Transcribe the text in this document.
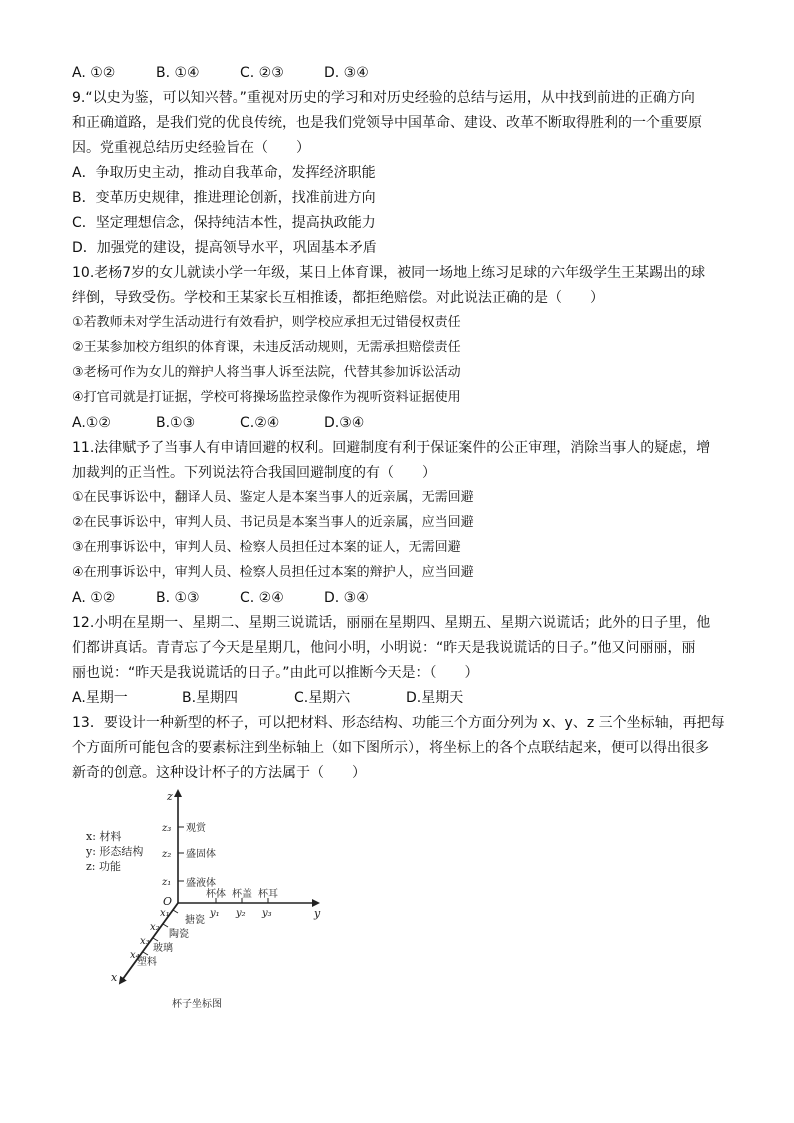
A. ①②	B. ①④	C. ②③	D. ③④
9.“以史为鉴，可以知兴替。”重视对历史的学习和对历史经验的总结与运用，从中找到前进的正确方向
和正确道路，是我们党的优良传统，也是我们党领导中国革命、建设、改革不断取得胜利的一个重要原
因。党重视总结历史经验旨在（　　）
A．争取历史主动，推动自我革命，发挥经济职能
B．变革历史规律，推进理论创新，找准前进方向
C．坚定理想信念，保持纯洁本性，提高执政能力
D．加强党的建设，提高领导水平，巩固基本矛盾
10.老杨7岁的女儿就读小学一年级，某日上体育课，被同一场地上练习足球的六年级学生王某踢出的球
绊倒，导致受伤。学校和王某家长互相推诿，都拒绝赔偿。对此说法正确的是（　　）
①若教师未对学生活动进行有效看护，则学校应承担无过错侵权责任
②王某参加校方组织的体育课，未违反活动规则，无需承担赔偿责任
③老杨可作为女儿的辩护人将当事人诉至法院，代替其参加诉讼活动
④打官司就是打证据，学校可将操场监控录像作为视听资料证据使用
A.①②	B.①③	C.②④	D.③④
11.法律赋予了当事人有申请回避的权利。回避制度有利于保证案件的公正审理，消除当事人的疑虑，增
加裁判的正当性。下列说法符合我国回避制度的有（　　）
①在民事诉讼中，翻译人员、鉴定人是本案当事人的近亲属，无需回避
②在民事诉讼中，审判人员、书记员是本案当事人的近亲属，应当回避
③在刑事诉讼中，审判人员、检察人员担任过本案的证人，无需回避
④在刑事诉讼中，审判人员、检察人员担任过本案的辩护人，应当回避
A. ①②	B. ①③	C. ②④	D. ③④
12.小明在星期一、星期二、星期三说谎话，丽丽在星期四、星期五、星期六说谎话；此外的日子里，他
们都讲真话。青青忘了今天是星期几，他问小明，小明说：“昨天是我说谎话的日子。”他又问丽丽，丽
丽也说：“昨天是我说谎话的日子。”由此可以推断今天是：（　　）
A.星期一	B.星期四	C.星期六	D.星期天
13．要设计一种新型的杯子，可以把材料、形态结构、功能三个方面分列为 x、y、z 三个坐标轴，再把每
个方面所可能包含的要素标注到坐标轴上（如下图所示），将坐标上的各个点联结起来，便可以得出很多
新奇的创意。这种设计杯子的方法属于（　　）
x: 材料
y: 形态结构
z: 功能
z
y
x
O
z₃
z₂
z₁
观赏
盛固体
盛液体
杯体 杯盖 杯耳
y₁ y₂ y₃
x₁
x₂
x₃
x₄
搪瓷
陶瓷
玻璃
塑料
杯子坐标图
